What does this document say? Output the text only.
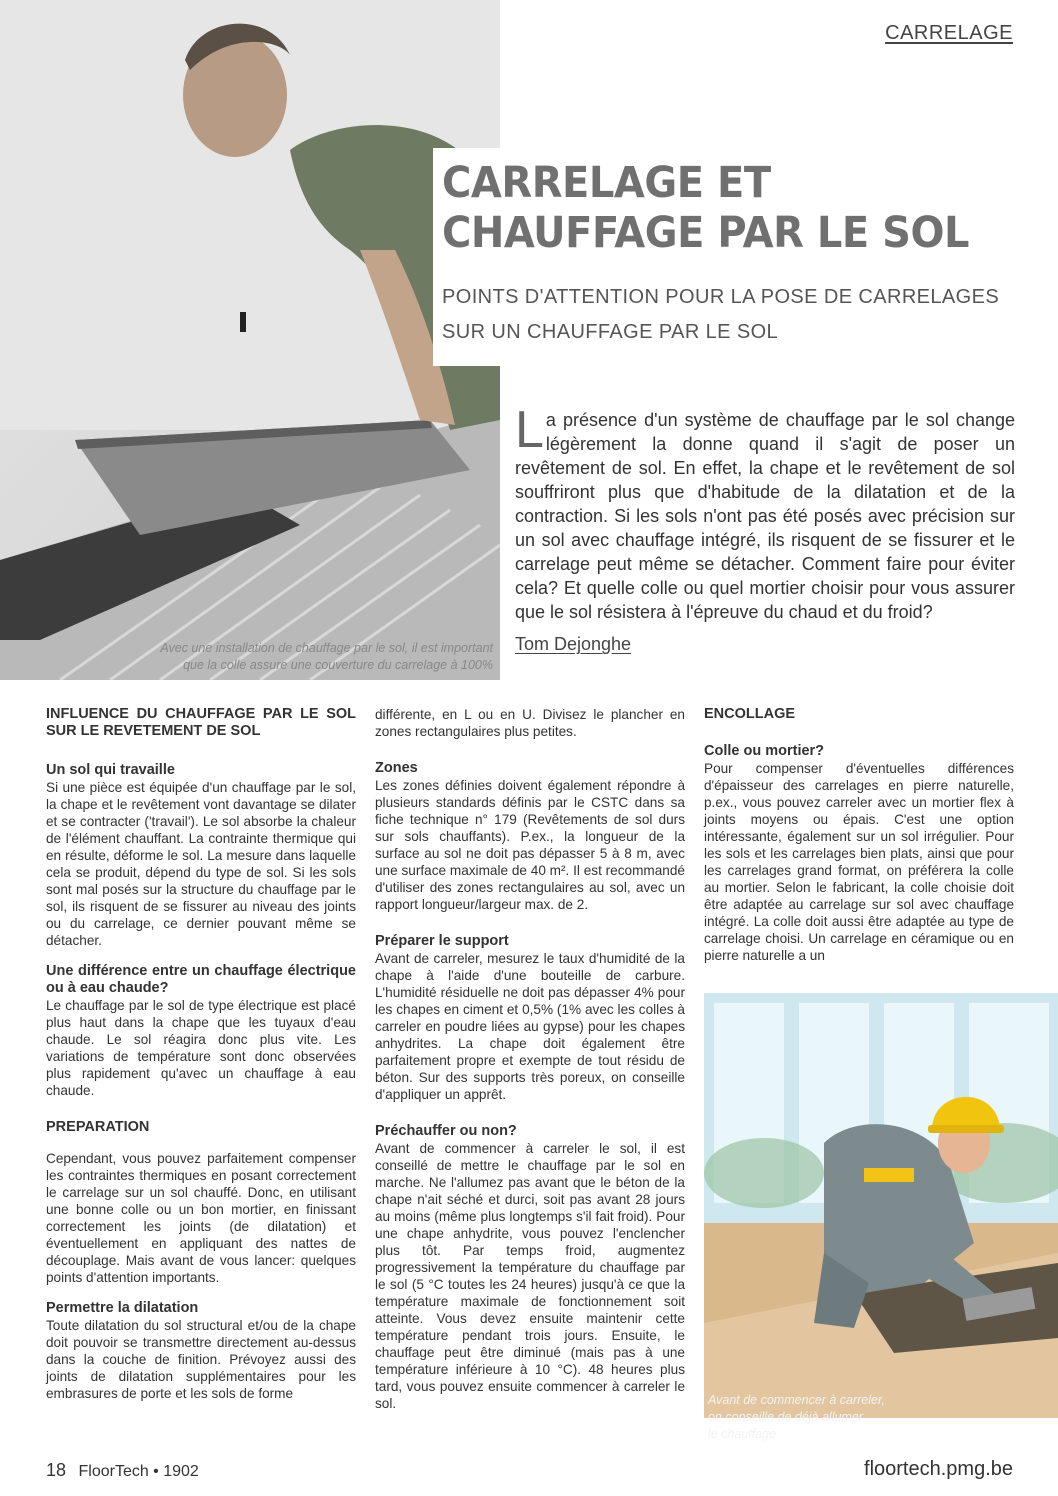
CARRELAGE
CARRELAGE ET
CHAUFFAGE PAR LE SOL
POINTS D'ATTENTION POUR LA POSE DE CARRELAGES
SUR UN CHAUFFAGE PAR LE SOL
L a présence d'un système de chauffage par le sol change légèrement la donne quand il s'agit de poser un revêtement de sol. En effet, la chape et le revêtement de sol souffriront plus que d'habitude de la dilatation et de la contraction. Si les sols n'ont pas été posés avec précision sur un sol avec chauffage intégré, ils risquent de se fissurer et le carrelage peut même se détacher. Comment faire pour éviter cela? Et quelle colle ou quel mortier choisir pour vous assurer que le sol résistera à l'épreuve du chaud et du froid?
Tom Dejonghe
Avec une installation de chauffage par le sol, il est important
que la colle assure une couverture du carrelage à 100%
INFLUENCE DU CHAUFFAGE PAR LE SOL SUR LE REVETEMENT DE SOL
Un sol qui travaille

Si une pièce est équipée d'un chauffage par le sol, la chape et le revêtement vont davantage se dilater et se contracter ('travail'). Le sol absorbe la chaleur de l'élément chauffant. La contrainte thermique qui en résulte, déforme le sol. La mesure dans laquelle cela se produit, dépend du type de sol. Si les sols sont mal posés sur la structure du chauffage par le sol, ils risquent de se fissurer au niveau des joints ou du carrelage, ce dernier pouvant même se détacher.

Une différence entre un chauffage électrique ou à eau chaude?

Le chauffage par le sol de type électrique est placé plus haut dans la chape que les tuyaux d'eau chaude. Le sol réagira donc plus vite. Les variations de température sont donc observées plus rapidement qu'avec un chauffage à eau chaude.

PREPARATION

Cependant, vous pouvez parfaitement compenser les contraintes thermiques en posant correctement le carrelage sur un sol chauffé. Donc, en utilisant une bonne colle ou un bon mortier, en finissant correctement les joints (de dilatation) et éventuellement en appliquant des nattes de découplage. Mais avant de vous lancer: quelques points d'attention importants.

Permettre la dilatation

Toute dilatation du sol structural et/ou de la chape doit pouvoir se transmettre directement au-dessus dans la couche de finition. Prévoyez aussi des joints de dilatation supplémentaires pour les embrasures de porte et les sols de forme

différente, en L ou en U. Divisez le plancher en zones rectangulaires plus petites.

Zones

Les zones définies doivent également répondre à plusieurs standards définis par le CSTC dans sa fiche technique n° 179 (Revêtements de sol durs sur sols chauffants). P.ex., la longueur de la surface au sol ne doit pas dépasser 5 à 8 m, avec une surface maximale de 40 m². Il est recommandé d'utiliser des zones rectangulaires au sol, avec un rapport longueur/largeur max. de 2.

Préparer le support

Avant de carreler, mesurez le taux d'humidité de la chape à l'aide d'une bouteille de carbure. L'humidité résiduelle ne doit pas dépasser 4% pour les chapes en ciment et 0,5% (1% avec les colles à carreler en poudre liées au gypse) pour les chapes anhydrites. La chape doit également être parfaitement propre et exempte de tout résidu de béton. Sur des supports très poreux, on conseille d'appliquer un apprêt.

Préchauffer ou non?

Avant de commencer à carreler le sol, il est conseillé de mettre le chauffage par le sol en marche. Ne l'allumez pas avant que le béton de la chape n'ait séché et durci, soit pas avant 28 jours au moins (même plus longtemps s'il fait froid). Pour une chape anhydrite, vous pouvez l'enclencher plus tôt. Par temps froid, augmentez progressivement la température du chauffage par le sol (5 °C toutes les 24 heures) jusqu'à ce que la température maximale de fonctionnement soit atteinte. Vous devez ensuite maintenir cette température pendant trois jours. Ensuite, le chauffage peut être diminué (mais pas à une température inférieure à 10 °C). 48 heures plus tard, vous pouvez ensuite commencer à carreler le sol.

ENCOLLAGE
Colle ou mortier?

Pour compenser d'éventuelles différences d'épaisseur des carrelages en pierre naturelle, p.ex., vous pouvez carreler avec un mortier flex à joints moyens ou épais. C'est une option intéressante, également sur un sol irrégulier. Pour les sols et les carrelages bien plats, ainsi que pour les carrelages grand format, on préférera la colle au mortier. Selon le fabricant, la colle choisie doit être adaptée au carrelage sur sol avec chauffage intégré. La colle doit aussi être adaptée au type de carrelage choisi. Un carrelage en céramique ou en pierre naturelle a un

Avant de commencer à carreler,
on conseille de déjà allumer
le chauffage
18 FloorTech • 1902	floortech.pmg.be
